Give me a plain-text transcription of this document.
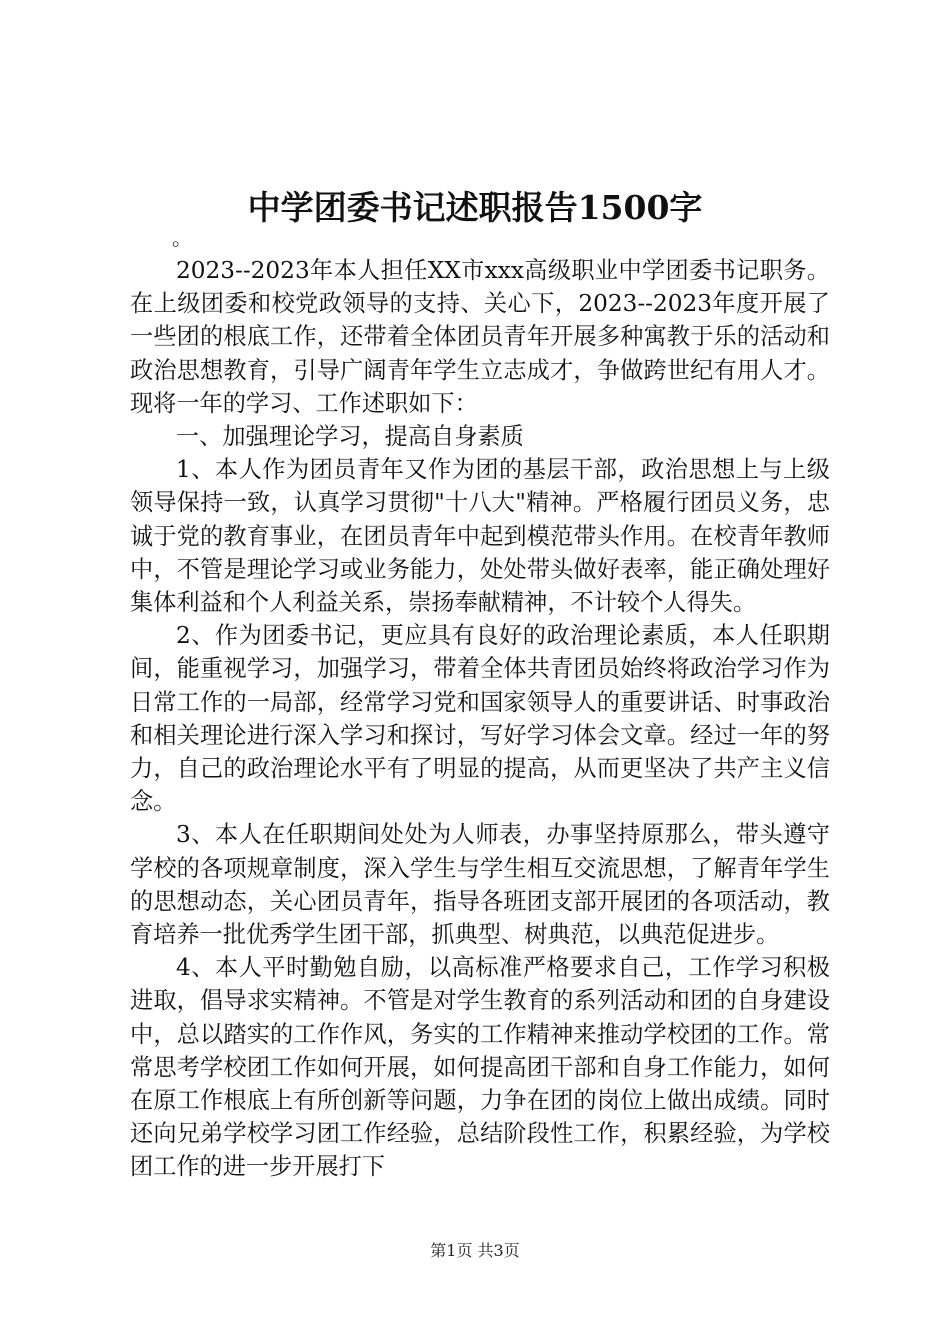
中学团委书记述职报告1500字
。

2023--2023年本人担任XX市xxx高级职业中学团委书记职务。在上级团委和校党政领导的支持、关心下，2023--2023年度开展了一些团的根底工作，还带着全体团员青年开展多种寓教于乐的活动和政治思想教育，引导广阔青年学生立志成才，争做跨世纪有用人才。现将一年的学习、工作述职如下：

一、加强理论学习，提高自身素质

1、本人作为团员青年又作为团的基层干部，政治思想上与上级领导保持一致，认真学习贯彻"十八大"精神。严格履行团员义务，忠诚于党的教育事业，在团员青年中起到模范带头作用。在校青年教师中，不管是理论学习或业务能力，处处带头做好表率，能正确处理好集体利益和个人利益关系，崇扬奉献精神，不计较个人得失。

2、作为团委书记，更应具有良好的政治理论素质，本人任职期间，能重视学习，加强学习，带着全体共青团员始终将政治学习作为日常工作的一局部，经常学习党和国家领导人的重要讲话、时事政治和相关理论进行深入学习和探讨，写好学习体会文章。经过一年的努力，自己的政治理论水平有了明显的提高，从而更坚决了共产主义信念。

3、本人在任职期间处处为人师表，办事坚持原那么，带头遵守学校的各项规章制度，深入学生与学生相互交流思想，了解青年学生的思想动态，关心团员青年，指导各班团支部开展团的各项活动，教育培养一批优秀学生团干部，抓典型、树典范，以典范促进步。

4、本人平时勤勉自励，以高标准严格要求自己，工作学习积极进取，倡导求实精神。不管是对学生教育的系列活动和团的自身建设中，总以踏实的工作作风，务实的工作精神来推动学校团的工作。常常思考学校团工作如何开展，如何提高团干部和自身工作能力，如何在原工作根底上有所创新等问题，力争在团的岗位上做出成绩。同时还向兄弟学校学习团工作经验，总结阶段性工作，积累经验，为学校团工作的进一步开展打下

第1页 共3页
